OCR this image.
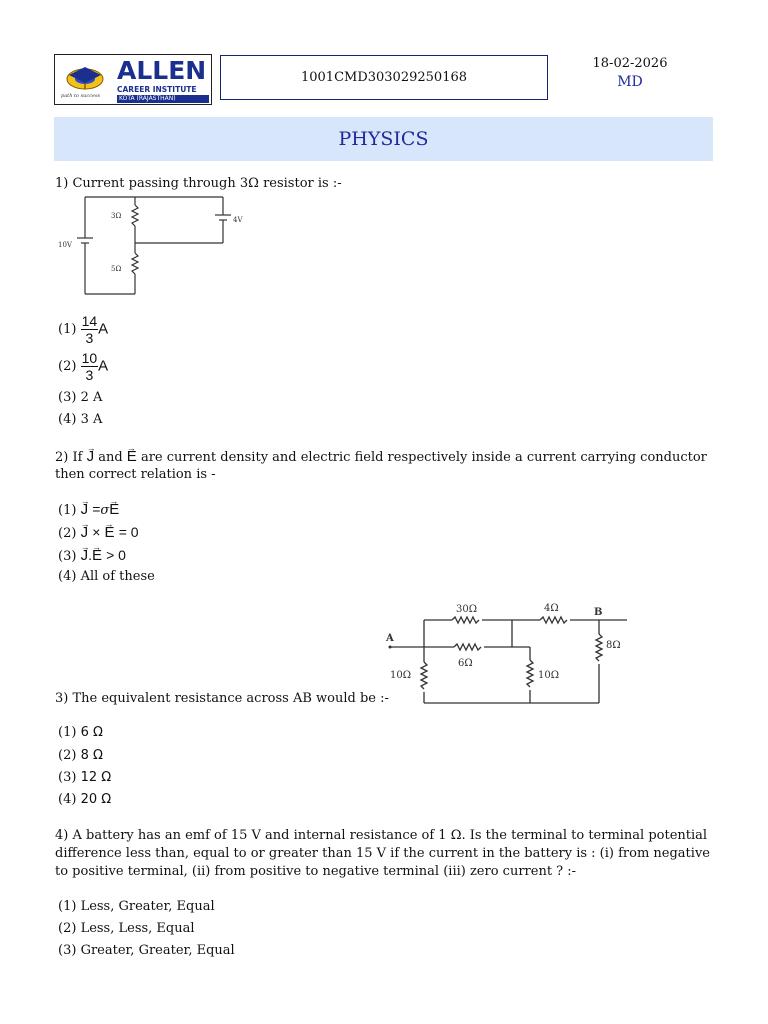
ALLEN
CAREER INSTITUTE
KOTA (RAJASTHAN)
path to success
1001CMD303029250168
18-02-2026
MD
PHYSICS
1) Current passing through 3Ω resistor is :-
3Ω
5Ω
10V
4V
$(1) \frac{14}{3}$ A
$(2) \frac{10}{3}$ A
(3) 2 A
(4) 3 A
2) If → J and → E are current density and electric field respectively inside a current carrying conductor
then correct relation is -
(1) → J =σ→ E
(2) → J × → E = 0
(3) → J.→ E > 0
(4) All of these
30Ω	4Ω	B
A
6Ω
8Ω
10Ω	10Ω
3) The equivalent resistance across AB would be :-
(1) 6 Ω
(2) 8 Ω
(3) 12 Ω
(4) 20 Ω
4) A battery has an emf of 15 V and internal resistance of 1 Ω. Is the terminal to terminal potential
difference less than, equal to or greater than 15 V if the current in the battery is : (i) from negative
to positive terminal, (ii) from positive to negative terminal (iii) zero current ? :-
(1) Less, Greater, Equal
(2) Less, Less, Equal
(3) Greater, Greater, Equal
